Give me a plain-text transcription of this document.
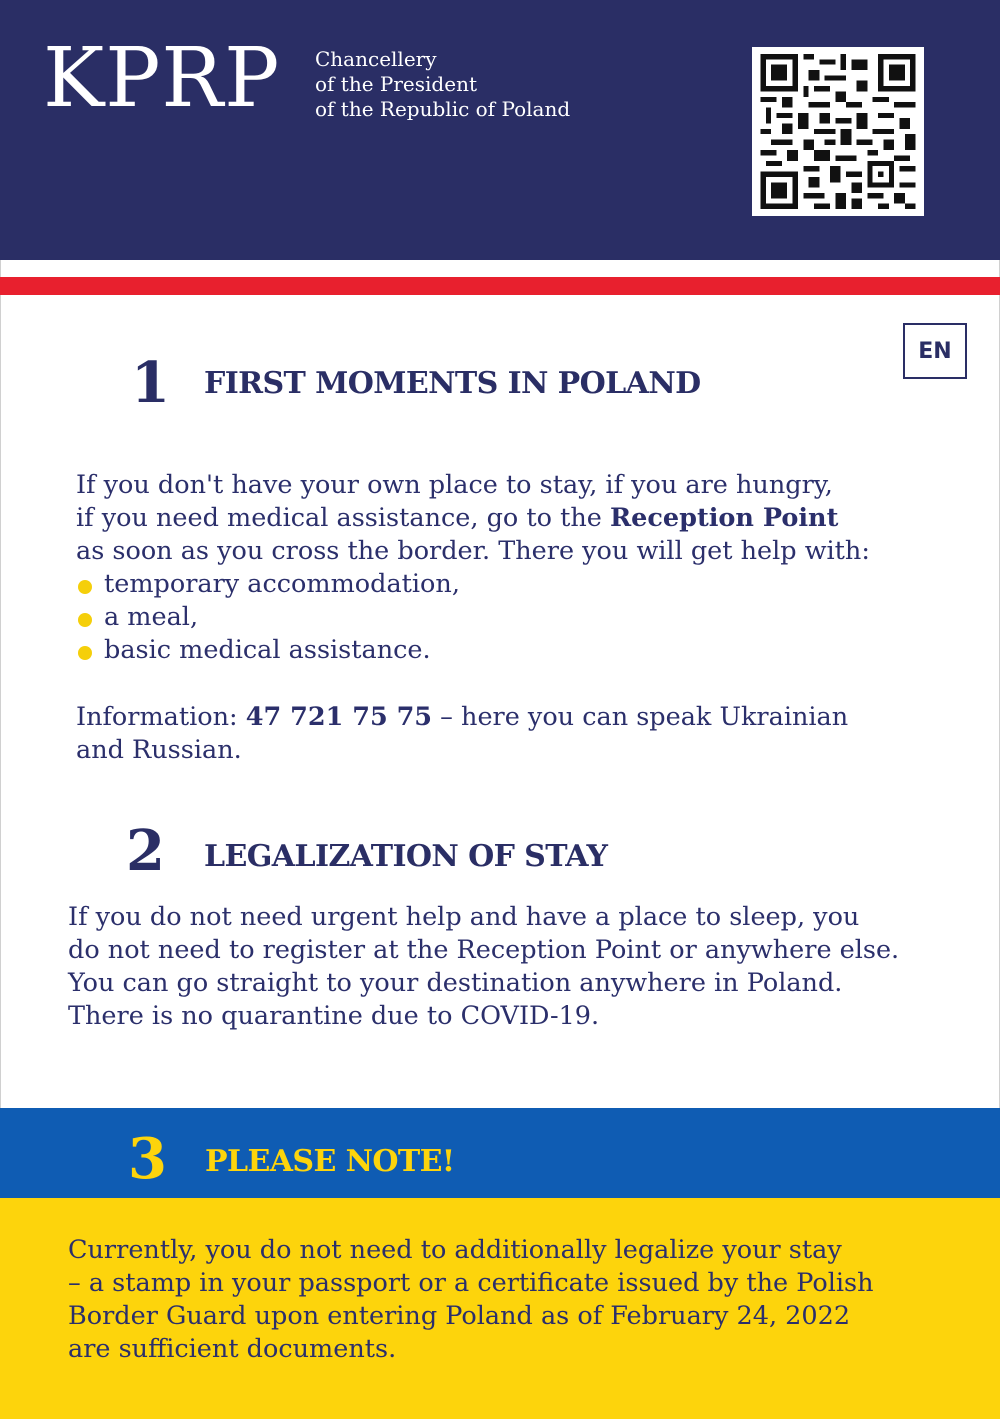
KPRP Chancellery
of the President
of the Republic of Poland
EN
1 FIRST MOMENTS IN POLAND
If you don't have your own place to stay, if you are hungry,
if you need medical assistance, go to the Reception Point
as soon as you cross the border. There you will get help with:
temporary accommodation,
a meal,
basic medical assistance.
Information: 47 721 75 75 – here you can speak Ukrainian
and Russian.
2 LEGALIZATION OF STAY
If you do not need urgent help and have a place to sleep, you
do not need to register at the Reception Point or anywhere else.
You can go straight to your destination anywhere in Poland.
There is no quarantine due to COVID-19.
3 PLEASE NOTE!
Currently, you do not need to additionally legalize your stay
– a stamp in your passport or a certificate issued by the Polish
Border Guard upon entering Poland as of February 24, 2022
are sufficient documents.
